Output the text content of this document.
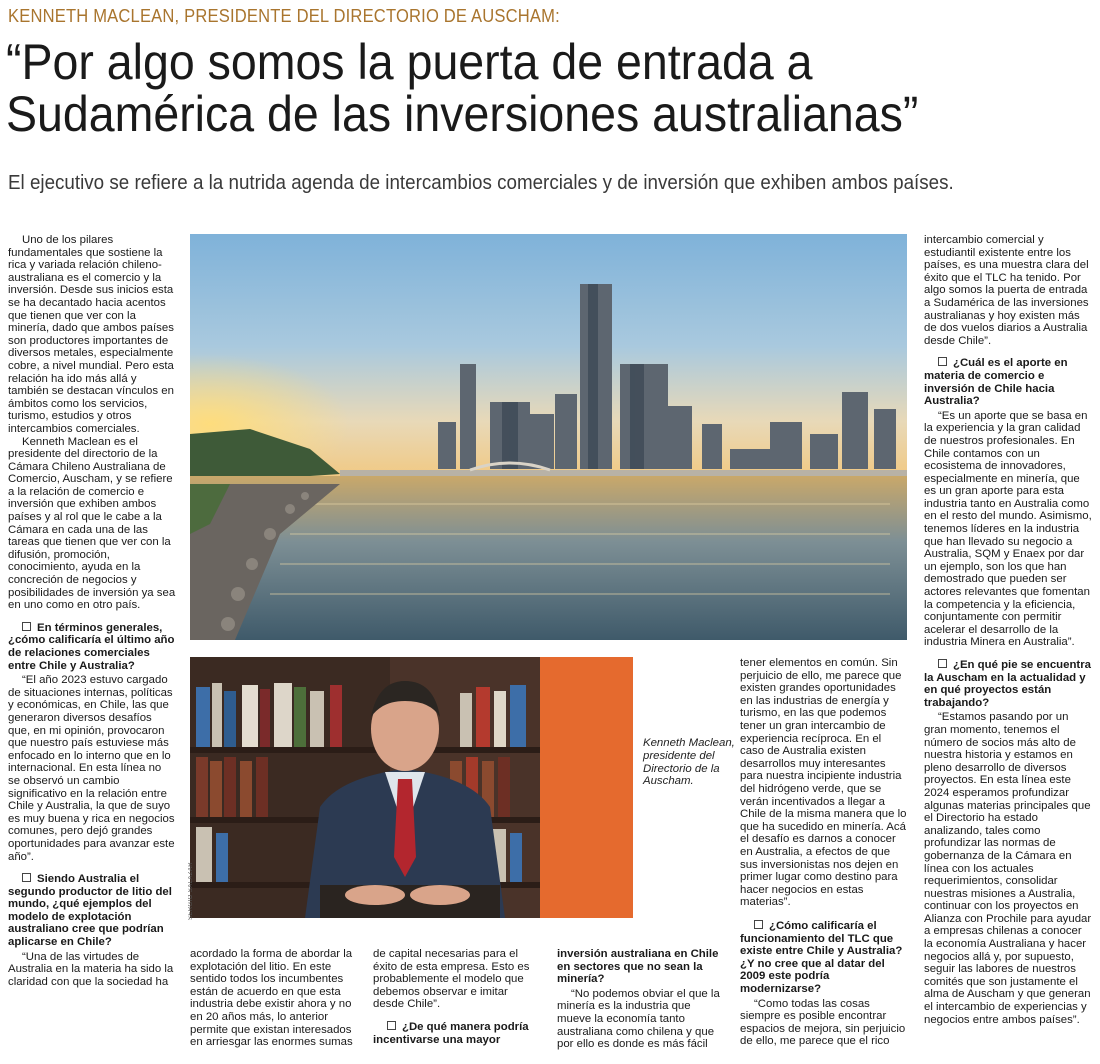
KENNETH MACLEAN, PRESIDENTE DEL DIRECTORIO DE AUSCHAM:
“Por algo somos la puerta de entrada a
Sudamérica de las inversiones australianas”
El ejecutivo se refiere a la nutrida agenda de intercambios comerciales y de inversión que exhiben ambos países.

Uno de los pilares fundamentales que sostiene la rica y variada relación chileno-australiana es el comercio y la inversión. Desde sus inicios esta se ha decantado hacia acentos que tienen que ver con la minería, dado que ambos países son productores importantes de diversos metales, especialmente cobre, a nivel mundial. Pero esta relación ha ido más allá y también se destacan vínculos en ámbitos como los servicios, turismo, estudios y otros intercambios comerciales.

Kenneth Maclean es el presidente del directorio de la Cámara Chileno Australiana de Comercio, Auscham, y se refiere a la relación de comercio e inversión que exhiben ambos países y al rol que le cabe a la Cámara en cada una de las tareas que tienen que ver con la difusión, promoción, conocimiento, ayuda en la concreción de negocios y posibilidades de inversión ya sea en uno como en otro país.

En términos generales, ¿cómo calificaría el último año de relaciones comerciales entre Chile y Australia?

“El año 2023 estuvo cargado de situaciones internas, políticas y económicas, en Chile, las que generaron diversos desafíos que, en mi opinión, provocaron que nuestro país estuviese más enfocado en lo interno que en lo internacional. En esta línea no se observó un cambio significativo en la relación entre Chile y Australia, la que de suyo es muy buena y rica en negocios comunes, pero dejó grandes oportunidades para avanzar este año”.

Siendo Australia el segundo productor de litio del mundo, ¿qué ejemplos del modelo de explotación australiano cree que podrían aplicarse en Chile?

“Una de las virtudes de Australia en la materia ha sido la claridad con que la sociedad ha

SERGIO SALAZAR
Kenneth Maclean, presidente del Directorio de la Auscham.

acordado la forma de abordar la explotación del litio. En este sentido todos los incumbentes están de acuerdo en que esta industria debe existir ahora y no en 20 años más, lo anterior permite que existan interesados en arriesgar las enormes sumas

de capital necesarias para el éxito de esta empresa. Esto es probablemente el modelo que debemos observar e imitar desde Chile”.

¿De qué manera podría incentivarse una mayor

tener elementos en común. Sin perjuicio de ello, me parece que existen grandes oportunidades en las industrias de energía y turismo, en las que podemos tener un gran intercambio de experiencia recíproca. En el caso de Australia existen desarrollos muy interesantes para nuestra incipiente industria del hidrógeno verde, que se verán incentivados a llegar a Chile de la misma manera que lo que ha sucedido en minería. Acá el desafío es darnos a conocer en Australia, a efectos de que sus inversionistas nos dejen en primer lugar como destino para hacer negocios en estas materias”.

inversión australiana en Chile en sectores que no sean la minería?

“No podemos obviar el que la minería es la industria que mueve la economía tanto australiana como chilena y que por ello es donde es más fácil

¿Cómo calificaría el funcionamiento del TLC que existe entre Chile y Australia? ¿Y no cree que al datar del 2009 este podría modernizarse?

“Como todas las cosas siempre es posible encontrar espacios de mejora, sin perjuicio de ello, me parece que el rico

intercambio comercial y estudiantil existente entre los países, es una muestra clara del éxito que el TLC ha tenido. Por algo somos la puerta de entrada a Sudamérica de las inversiones australianas y hoy existen más de dos vuelos diarios a Australia desde Chile”.

¿Cuál es el aporte en materia de comercio e inversión de Chile hacia Australia?

“Es un aporte que se basa en la experiencia y la gran calidad de nuestros profesionales. En Chile contamos con un ecosistema de innovadores, especialmente en minería, que es un gran aporte para esta industria tanto en Australia como en el resto del mundo. Asimismo, tenemos líderes en la industria que han llevado su negocio a Australia, SQM y Enaex por dar un ejemplo, son los que han demostrado que pueden ser actores relevantes que fomentan la competencia y la eficiencia, conjuntamente con permitir acelerar el desarrollo de la industria Minera en Australia”.

¿En qué pie se encuentra la Auscham en la actualidad y en qué proyectos están trabajando?

“Estamos pasando por un gran momento, tenemos el número de socios más alto de nuestra historia y estamos en pleno desarrollo de diversos proyectos. En esta línea este 2024 esperamos profundizar algunas materias principales que el Directorio ha estado analizando, tales como profundizar las normas de gobernanza de la Cámara en línea con los actuales requerimientos, consolidar nuestras misiones a Australia, continuar con los proyectos en Alianza con Prochile para ayudar a empresas chilenas a conocer la economía Australiana y hacer negocios allá y, por supuesto, seguir las labores de nuestros comités que son justamente el alma de Auscham y que generan el intercambio de experiencias y negocios entre ambos países”.
